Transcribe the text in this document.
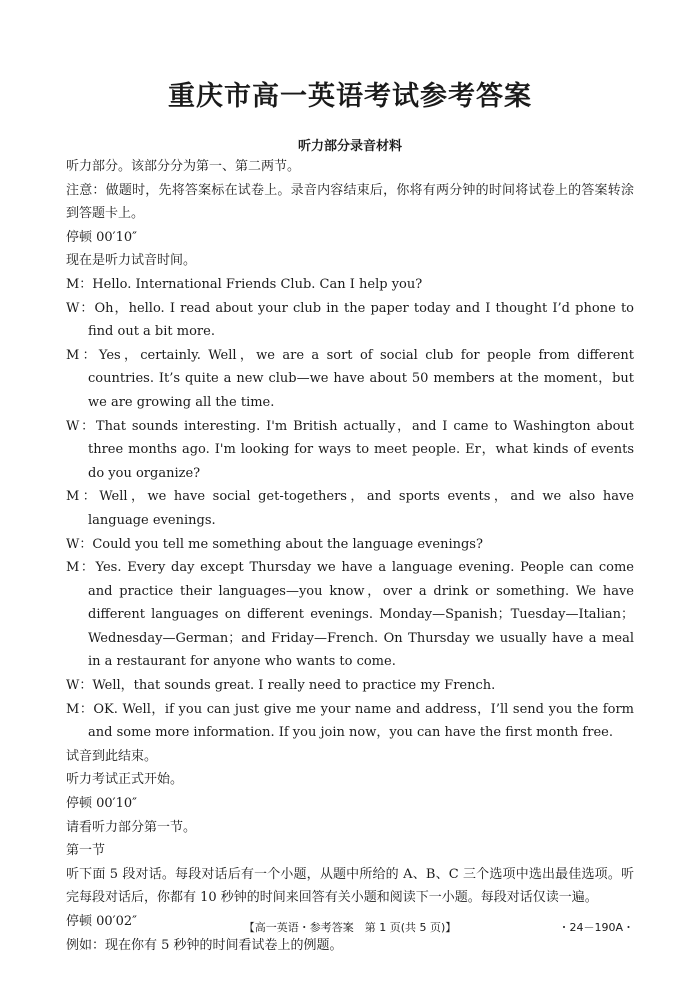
重庆市高一英语考试参考答案
听力部分录音材料

听力部分。该部分分为第一、第二两节。

注意：做题时，先将答案标在试卷上。录音内容结束后，你将有两分钟的时间将试卷上的答案转涂到答题卡上。

停顿 00′10″

现在是听力试音时间。

M：Hello. International Friends Club. Can I help you?

W：Oh，hello. I read about your club in the paper today and I thought I’d phone to find out a bit more.

M：Yes，certainly. Well，we are a sort of social club for people from different countries. It’s quite a new club—we have about 50 members at the moment，but we are growing all the time.

W：That sounds interesting. I'm British actually，and I came to Washington about three months ago. I'm looking for ways to meet people. Er，what kinds of events do you organize?

M：Well，we have social get-togethers，and sports events，and we also have language evenings.

W：Could you tell me something about the language evenings?

M：Yes. Every day except Thursday we have a language evening. People can come and practice their languages—you know，over a drink or something. We have different languages on different evenings. Monday—Spanish；Tuesday—Italian；Wednesday—German；and Friday—French. On Thursday we usually have a meal in a restaurant for anyone who wants to come.

W：Well，that sounds great. I really need to practice my French.

M：OK. Well，if you can just give me your name and address，I’ll send you the form and some more information. If you join now，you can have the first month free.

试音到此结束。

听力考试正式开始。

停顿 00′10″

请看听力部分第一节。

第一节

听下面 5 段对话。每段对话后有一个小题，从题中所给的 A、B、C 三个选项中选出最佳选项。听完每段对话后，你都有 10 秒钟的时间来回答有关小题和阅读下一小题。每段对话仅读一遍。

停顿 00′02″

例如：现在你有 5 秒钟的时间看试卷上的例题。

【高一英语・参考答案　第 1 页(共 5 页)】	・24－190A・
